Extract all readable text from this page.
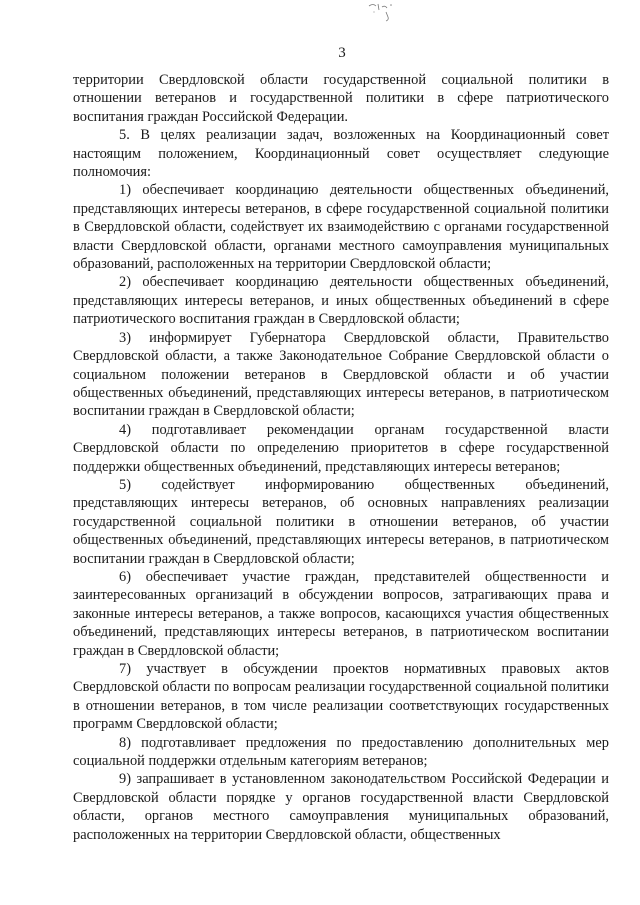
3

территории Свердловской области государственной социальной политики в отношении ветеранов и государственной политики в сфере патриотического воспитания граждан Российской Федерации.

5. В целях реализации задач, возложенных на Координационный совет настоящим положением, Координационный совет осуществляет следующие полномочия:

1) обеспечивает координацию деятельности общественных объединений, представляющих интересы ветеранов, в сфере государственной социальной политики в Свердловской области, содействует их взаимодействию с органами государственной власти Свердловской области, органами местного самоуправления муниципальных образований, расположенных на территории Свердловской области;

2) обеспечивает координацию деятельности общественных объединений, представляющих интересы ветеранов, и иных общественных объединений в сфере патриотического воспитания граждан в Свердловской области;

3) информирует Губернатора Свердловской области, Правительство Свердловской области, а также Законодательное Собрание Свердловской области о социальном положении ветеранов в Свердловской области и об участии общественных объединений, представляющих интересы ветеранов, в патриотическом воспитании граждан в Свердловской области;

4) подготавливает рекомендации органам государственной власти Свердловской области по определению приоритетов в сфере государственной поддержки общественных объединений, представляющих интересы ветеранов;

5) содействует информированию общественных объединений, представляющих интересы ветеранов, об основных направлениях реализации государственной социальной политики в отношении ветеранов, об участии общественных объединений, представляющих интересы ветеранов, в патриотическом воспитании граждан в Свердловской области;

6) обеспечивает участие граждан, представителей общественности и заинтересованных организаций в обсуждении вопросов, затрагивающих права и законные интересы ветеранов, а также вопросов, касающихся участия общественных объединений, представляющих интересы ветеранов, в патриотическом воспитании граждан в Свердловской области;

7) участвует в обсуждении проектов нормативных правовых актов Свердловской области по вопросам реализации государственной социальной политики в отношении ветеранов, в том числе реализации соответствующих государственных программ Свердловской области;

8) подготавливает предложения по предоставлению дополнительных мер социальной поддержки отдельным категориям ветеранов;

9) запрашивает в установленном законодательством Российской Федерации и Свердловской области порядке у органов государственной власти Свердловской области, органов местного самоуправления муниципальных образований, расположенных на территории Свердловской области, общественных
